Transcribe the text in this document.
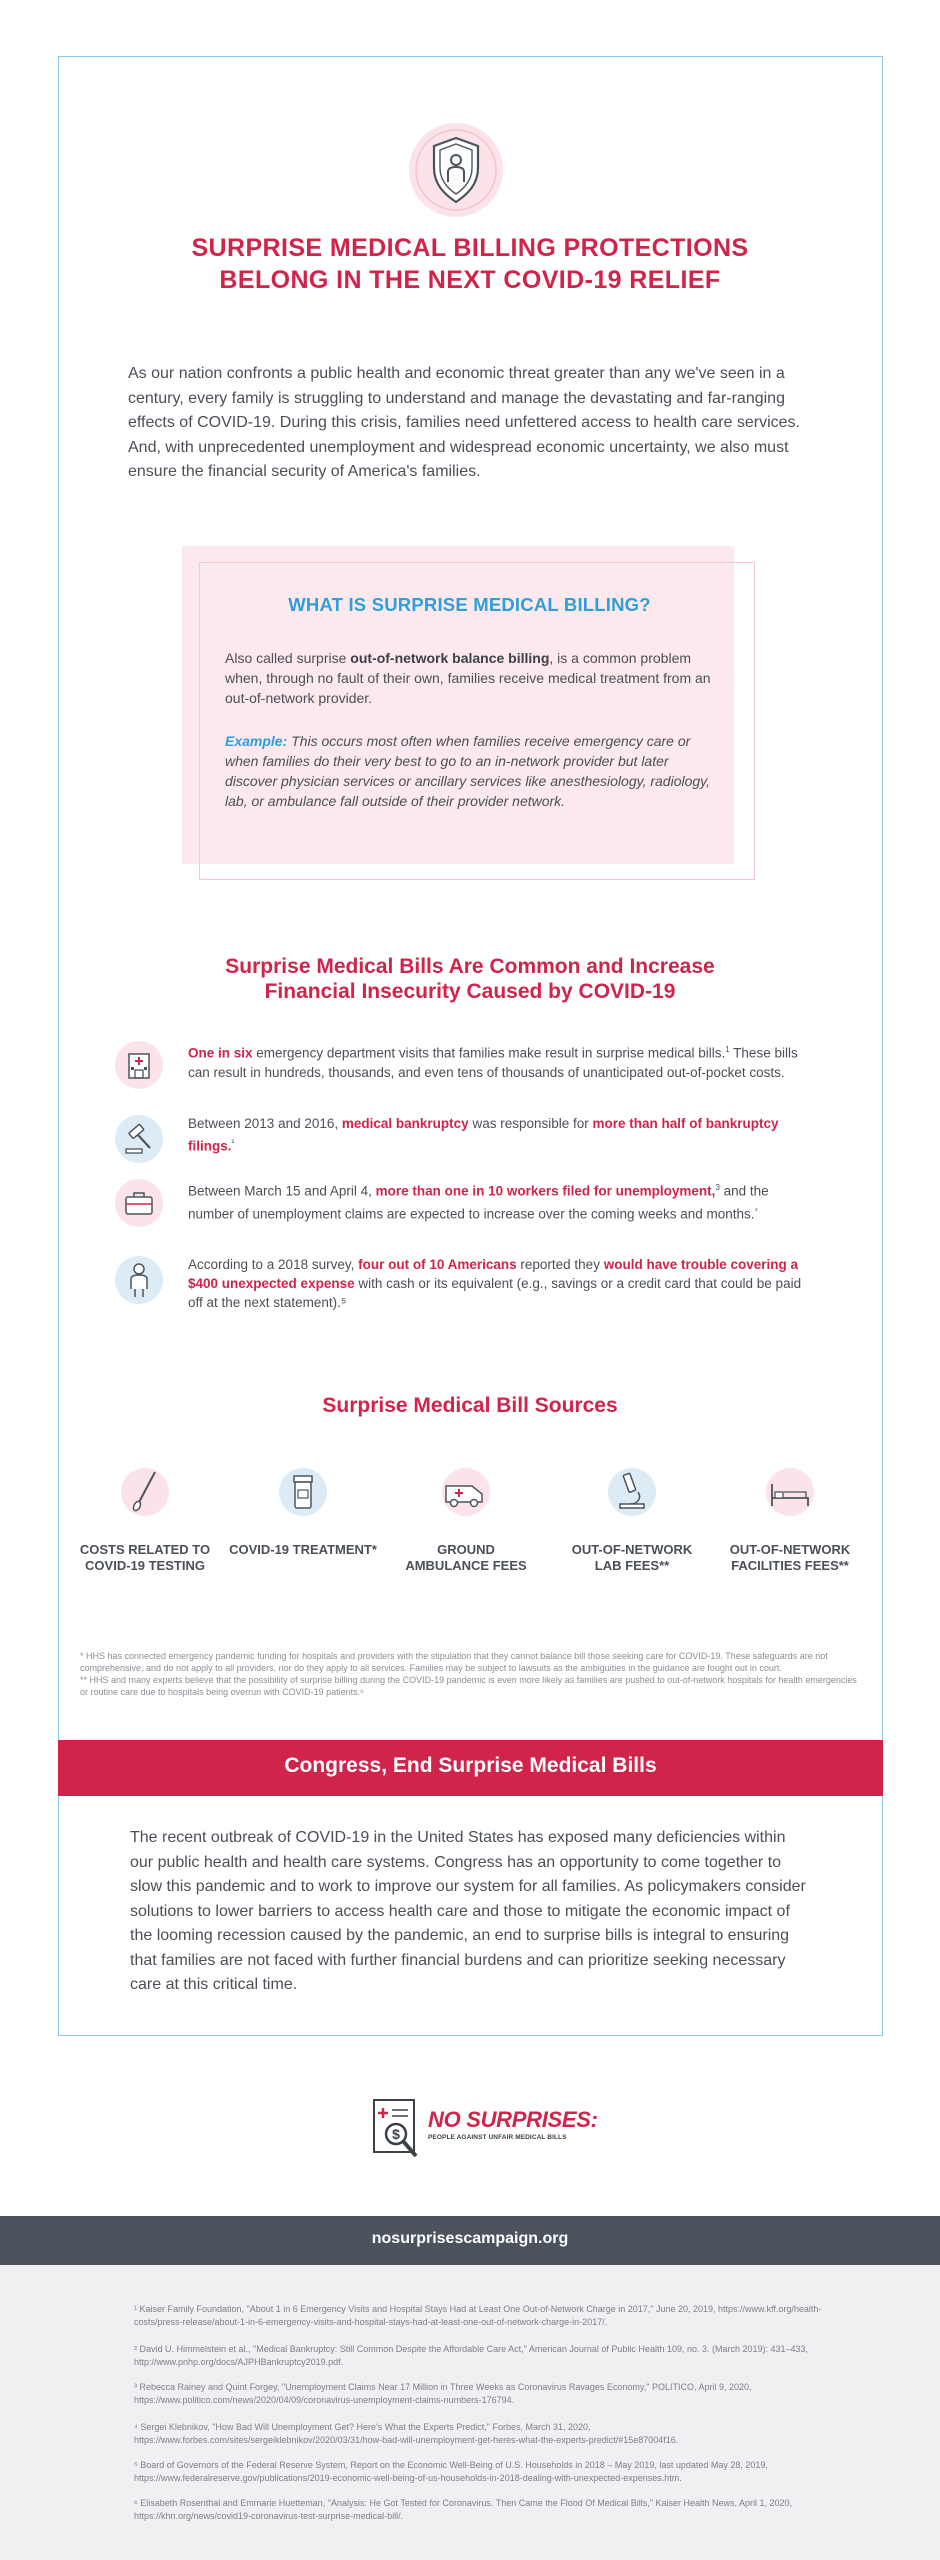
SURPRISE MEDICAL BILLING PROTECTIONS
BELONG IN THE NEXT COVID-19 RELIEF

As our nation confronts a public health and economic threat greater than any we've seen in a century, every family is struggling to understand and manage the devastating and far-ranging effects of COVID-19. During this crisis, families need unfettered access to health care services. And, with unprecedented unemployment and widespread economic uncertainty, we also must ensure the financial security of America's families.

WHAT IS SURPRISE MEDICAL BILLING?

Also called surprise out-of-network balance billing, is a common problem when, through no fault of their own, families receive medical treatment from an out-of-network provider.

Example: This occurs most often when families receive emergency care or when families do their very best to go to an in-network provider but later discover physician services or ancillary services like anesthesiology, radiology, lab, or ambulance fall outside of their provider network.

Surprise Medical Bills Are Common and Increase
Financial Insecurity Caused by COVID-19
One in six emergency department visits that families make result in surprise medical bills.$^1$ These bills can result in hundreds, thousands, and even tens of thousands of unanticipated out-of-pocket costs.
Between 2013 and 2016, medical bankruptcy was responsible for more than half of bankruptcy filings.$^{^2}$
Between March 15 and April 4, more than one in 10 workers filed for unemployment,$^3$ and the number of unemployment claims are expected to increase over the coming weeks and months.$^{^4}$
According to a 2018 survey, four out of 10 Americans reported they would have trouble covering a $400 unexpected expense with cash or its equivalent (e.g., savings or a credit card that could be paid off at the next statement).⁵
Surprise Medical Bill Sources
COSTS RELATED TO
COVID-19 TESTING
COVID-19 TREATMENT*	GROUND
AMBULANCE FEES
OUT-OF-NETWORK
LAB FEES**
OUT-OF-NETWORK
FACILITIES FEES**

* HHS has connected emergency pandemic funding for hospitals and providers with the stipulation that they cannot balance bill those seeking care for COVID-19. These safeguards are not comprehensive, and do not apply to all providers, nor do they apply to all services. Families may be subject to lawsuits as the ambiguities in the guidance are fought out in court.

** HHS and many experts believe that the possibility of surprise billing during the COVID-19 pandemic is even more likely as families are pushed to out-of-network hospitals for health emergencies or routine care due to hospitals being overrun with COVID-19 patients.⁶

Congress, End Surprise Medical Bills

The recent outbreak of COVID-19 in the United States has exposed many deficiencies within our public health and health care systems. Congress has an opportunity to come together to slow this pandemic and to work to improve our system for all families. As policymakers consider solutions to lower barriers to access health care and those to mitigate the economic impact of the looming recession caused by the pandemic, an end to surprise bills is integral to ensuring that families are not faced with further financial burdens and can prioritize seeking necessary care at this critical time.

$
NO SURPRISES:
PEOPLE AGAINST UNFAIR MEDICAL BILLS
nosurprisescampaign.org

¹ Kaiser Family Foundation, "About 1 in 6 Emergency Visits and Hospital Stays Had at Least One Out-of-Network Charge in 2017," June 20, 2019, https://www.kff.org/health-costs/press-release/about-1-in-6-emergency-visits-and-hospital-stays-had-at-least-one-out-of-network-charge-in-2017/.

² David U. Himmelstein et al., "Medical Bankruptcy: Still Common Despite the Affordable Care Act," American Journal of Public Health 109, no. 3. (March 2019): 431–433, http://www.pnhp.org/docs/AJPHBankruptcy2019.pdf.

³ Rebecca Rainey and Quint Forgey, "Unemployment Claims Near 17 Million in Three Weeks as Coronavirus Ravages Economy," POLITICO, April 9, 2020, https://www.politico.com/news/2020/04/09/coronavirus-unemployment-claims-numbers-176794.

⁴ Sergei Klebnikov, "How Bad Will Unemployment Get? Here's What the Experts Predict," Forbes, March 31, 2020, https://www.forbes.com/sites/sergeiklebnikov/2020/03/31/how-bad-will-unemployment-get-heres-what-the-experts-predict/#15e87004f16.

⁵ Board of Governors of the Federal Reserve System, Report on the Economic Well-Being of U.S. Households in 2018 – May 2019, last updated May 28, 2019, https://www.federalreserve.gov/publications/2019-economic-well-being-of-us-households-in-2018-dealing-with-unexpected-expenses.htm.

⁶ Elisabeth Rosenthal and Emmarie Huetteman, "Analysis: He Got Tested for Coronavirus. Then Came the Flood Of Medical Bills," Kaiser Health News, April 1, 2020, https://khn.org/news/covid19-coronavirus-test-surprise-medical-bill/.
